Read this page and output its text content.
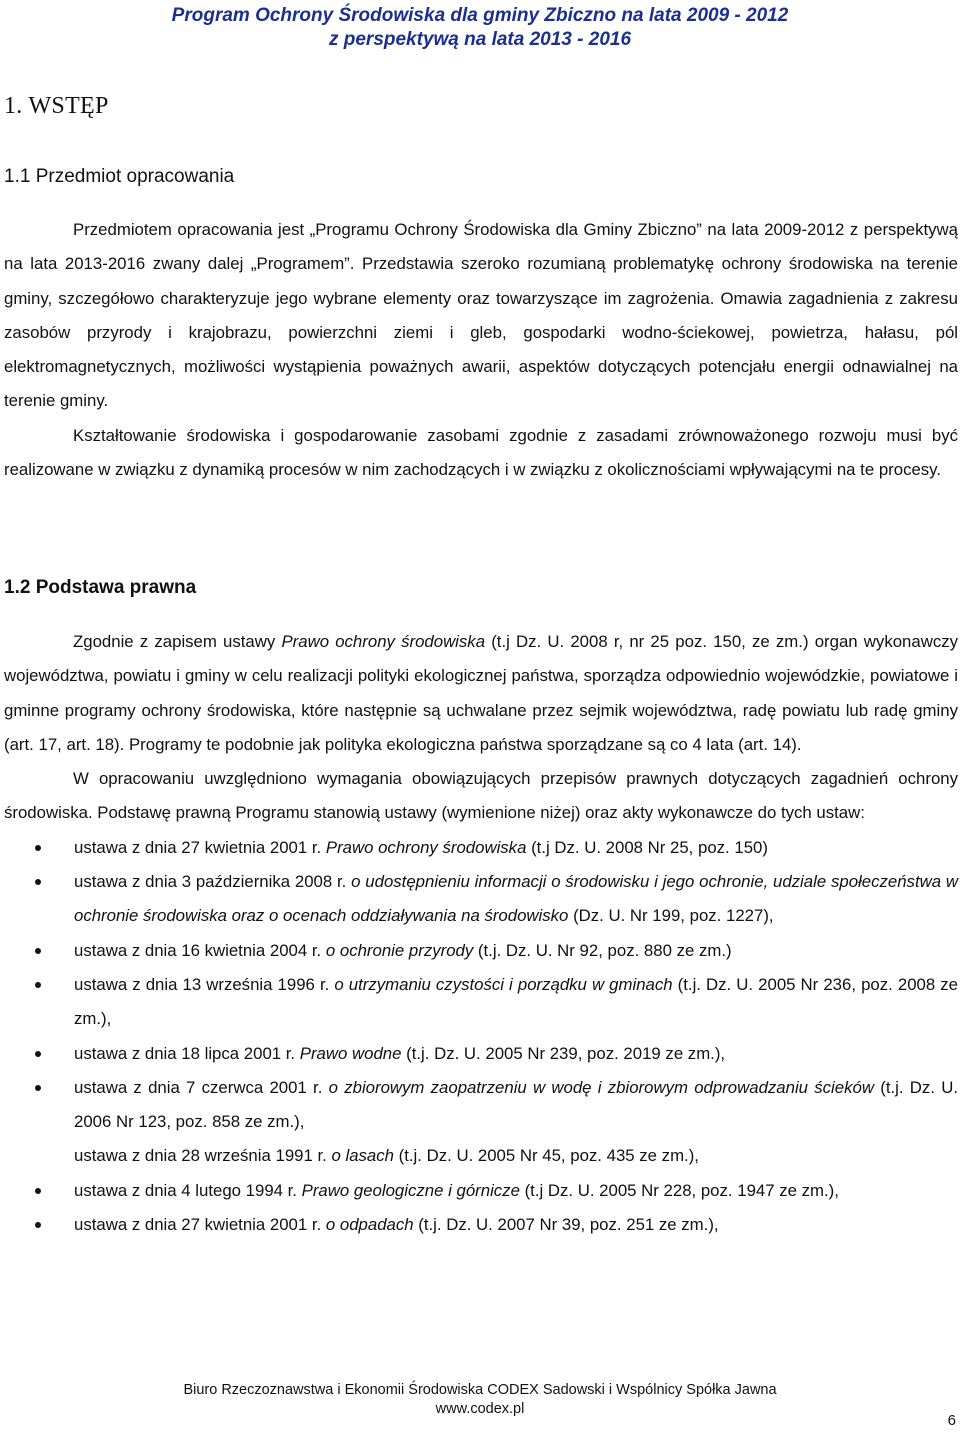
Program Ochrony Środowiska dla gminy Zbiczno na lata 2009 - 2012
z perspektywą na lata 2013 - 2016
1. WSTĘP
1.1 Przedmiot opracowania

Przedmiotem opracowania jest „Programu Ochrony Środowiska dla Gminy Zbiczno” na lata 2009-2012 z perspektywą na lata 2013-2016 zwany dalej „Programem”. Przedstawia szeroko rozumianą problematykę ochrony środowiska na terenie gminy, szczegółowo charakteryzuje jego wybrane elementy oraz towarzyszące im zagrożenia. Omawia zagadnienia z zakresu zasobów przyrody i krajobrazu, powierzchni ziemi i gleb, gospodarki wodno-ściekowej, powietrza, hałasu, pól elektromagnetycznych, możliwości wystąpienia poważnych awarii, aspektów dotyczących potencjału energii odnawialnej na terenie gminy.

Kształtowanie środowiska i gospodarowanie zasobami zgodnie z zasadami zrównoważonego rozwoju musi być realizowane w związku z dynamiką procesów w nim zachodzących i w związku z okolicznościami wpływającymi na te procesy.

1.2 Podstawa prawna

Zgodnie z zapisem ustawy Prawo ochrony środowiska (t.j Dz. U. 2008 r, nr 25 poz. 150, ze zm.) organ wykonawczy województwa, powiatu i gminy w celu realizacji polityki ekologicznej państwa, sporządza odpowiednio wojewódzkie, powiatowe i gminne programy ochrony środowiska, które następnie są uchwalane przez sejmik województwa, radę powiatu lub radę gminy (art. 17, art. 18). Programy te podobnie jak polityka ekologiczna państwa sporządzane są co 4 lata (art. 14).

W opracowaniu uwzględniono wymagania obowiązujących przepisów prawnych dotyczących zagadnień ochrony środowiska. Podstawę prawną Programu stanowią ustawy (wymienione niżej) oraz akty wykonawcze do tych ustaw:

ustawa z dnia 27 kwietnia 2001 r. Prawo ochrony środowiska (t.j Dz. U. 2008 Nr 25, poz. 150)
ustawa z dnia 3 października 2008 r. o udostępnieniu informacji o środowisku i jego ochronie, udziale społeczeństwa w ochronie środowiska oraz o ocenach oddziaływania na środowisko (Dz. U. Nr 199, poz. 1227),
ustawa z dnia 16 kwietnia 2004 r. o ochronie przyrody (t.j. Dz. U. Nr 92, poz. 880 ze zm.)
ustawa z dnia 13 września 1996 r. o utrzymaniu czystości i porządku w gminach (t.j. Dz. U. 2005 Nr 236, poz. 2008 ze zm.),
ustawa z dnia 18 lipca 2001 r. Prawo wodne (t.j. Dz. U. 2005 Nr 239, poz. 2019 ze zm.),
ustawa z dnia 7 czerwca 2001 r. o zbiorowym zaopatrzeniu w wodę i zbiorowym odprowadzaniu ścieków (t.j. Dz. U. 2006 Nr 123, poz. 858 ze zm.),
ustawa z dnia 28 września 1991 r. o lasach (t.j. Dz. U. 2005 Nr 45, poz. 435 ze zm.),
ustawa z dnia 4 lutego 1994 r. Prawo geologiczne i górnicze (t.j Dz. U. 2005 Nr 228, poz. 1947 ze zm.),
ustawa z dnia 27 kwietnia 2001 r. o odpadach (t.j. Dz. U. 2007 Nr 39, poz. 251 ze zm.),
Biuro Rzeczoznawstwa i Ekonomii Środowiska CODEX Sadowski i Wspólnicy Spółka Jawna
www.codex.pl
6
